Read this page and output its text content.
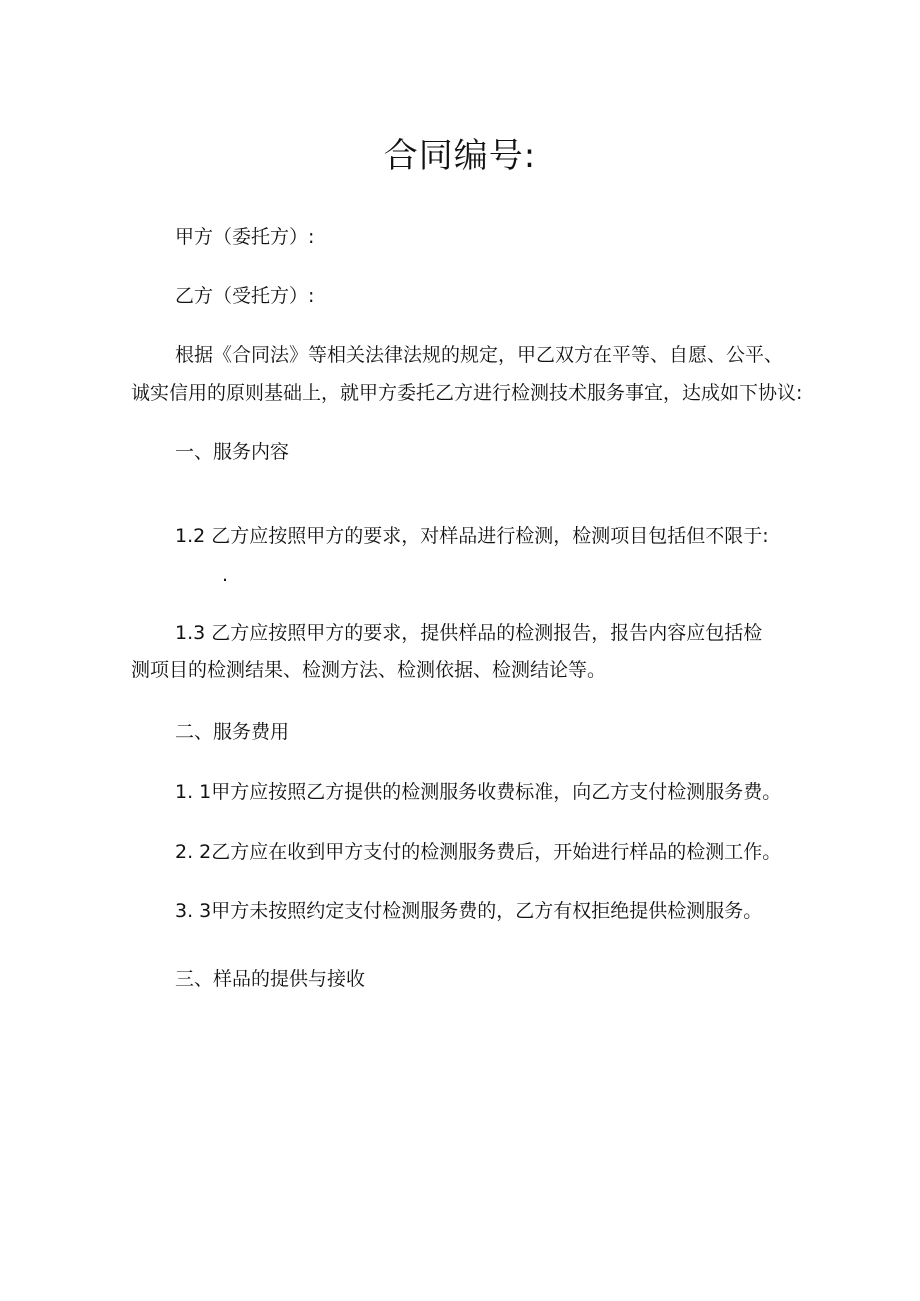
合同编号:
甲方（委托方）:
乙方（受托方）:
根据《合同法》等相关法律法规的规定，甲乙双方在平等、自愿、公平、
诚实信用的原则基础上，就甲方委托乙方进行检测技术服务事宜，达成如下协议:
一、服务内容
1.2 乙方应按照甲方的要求，对样品进行检测，检测项目包括但不限于:
.
1.3 乙方应按照甲方的要求，提供样品的检测报告，报告内容应包括检
测项目的检测结果、检测方法、检测依据、检测结论等。
二、服务费用
1. 1甲方应按照乙方提供的检测服务收费标准，向乙方支付检测服务费。
2. 2乙方应在收到甲方支付的检测服务费后，开始进行样品的检测工作。
3. 3甲方未按照约定支付检测服务费的，乙方有权拒绝提供检测服务。
三、样品的提供与接收
